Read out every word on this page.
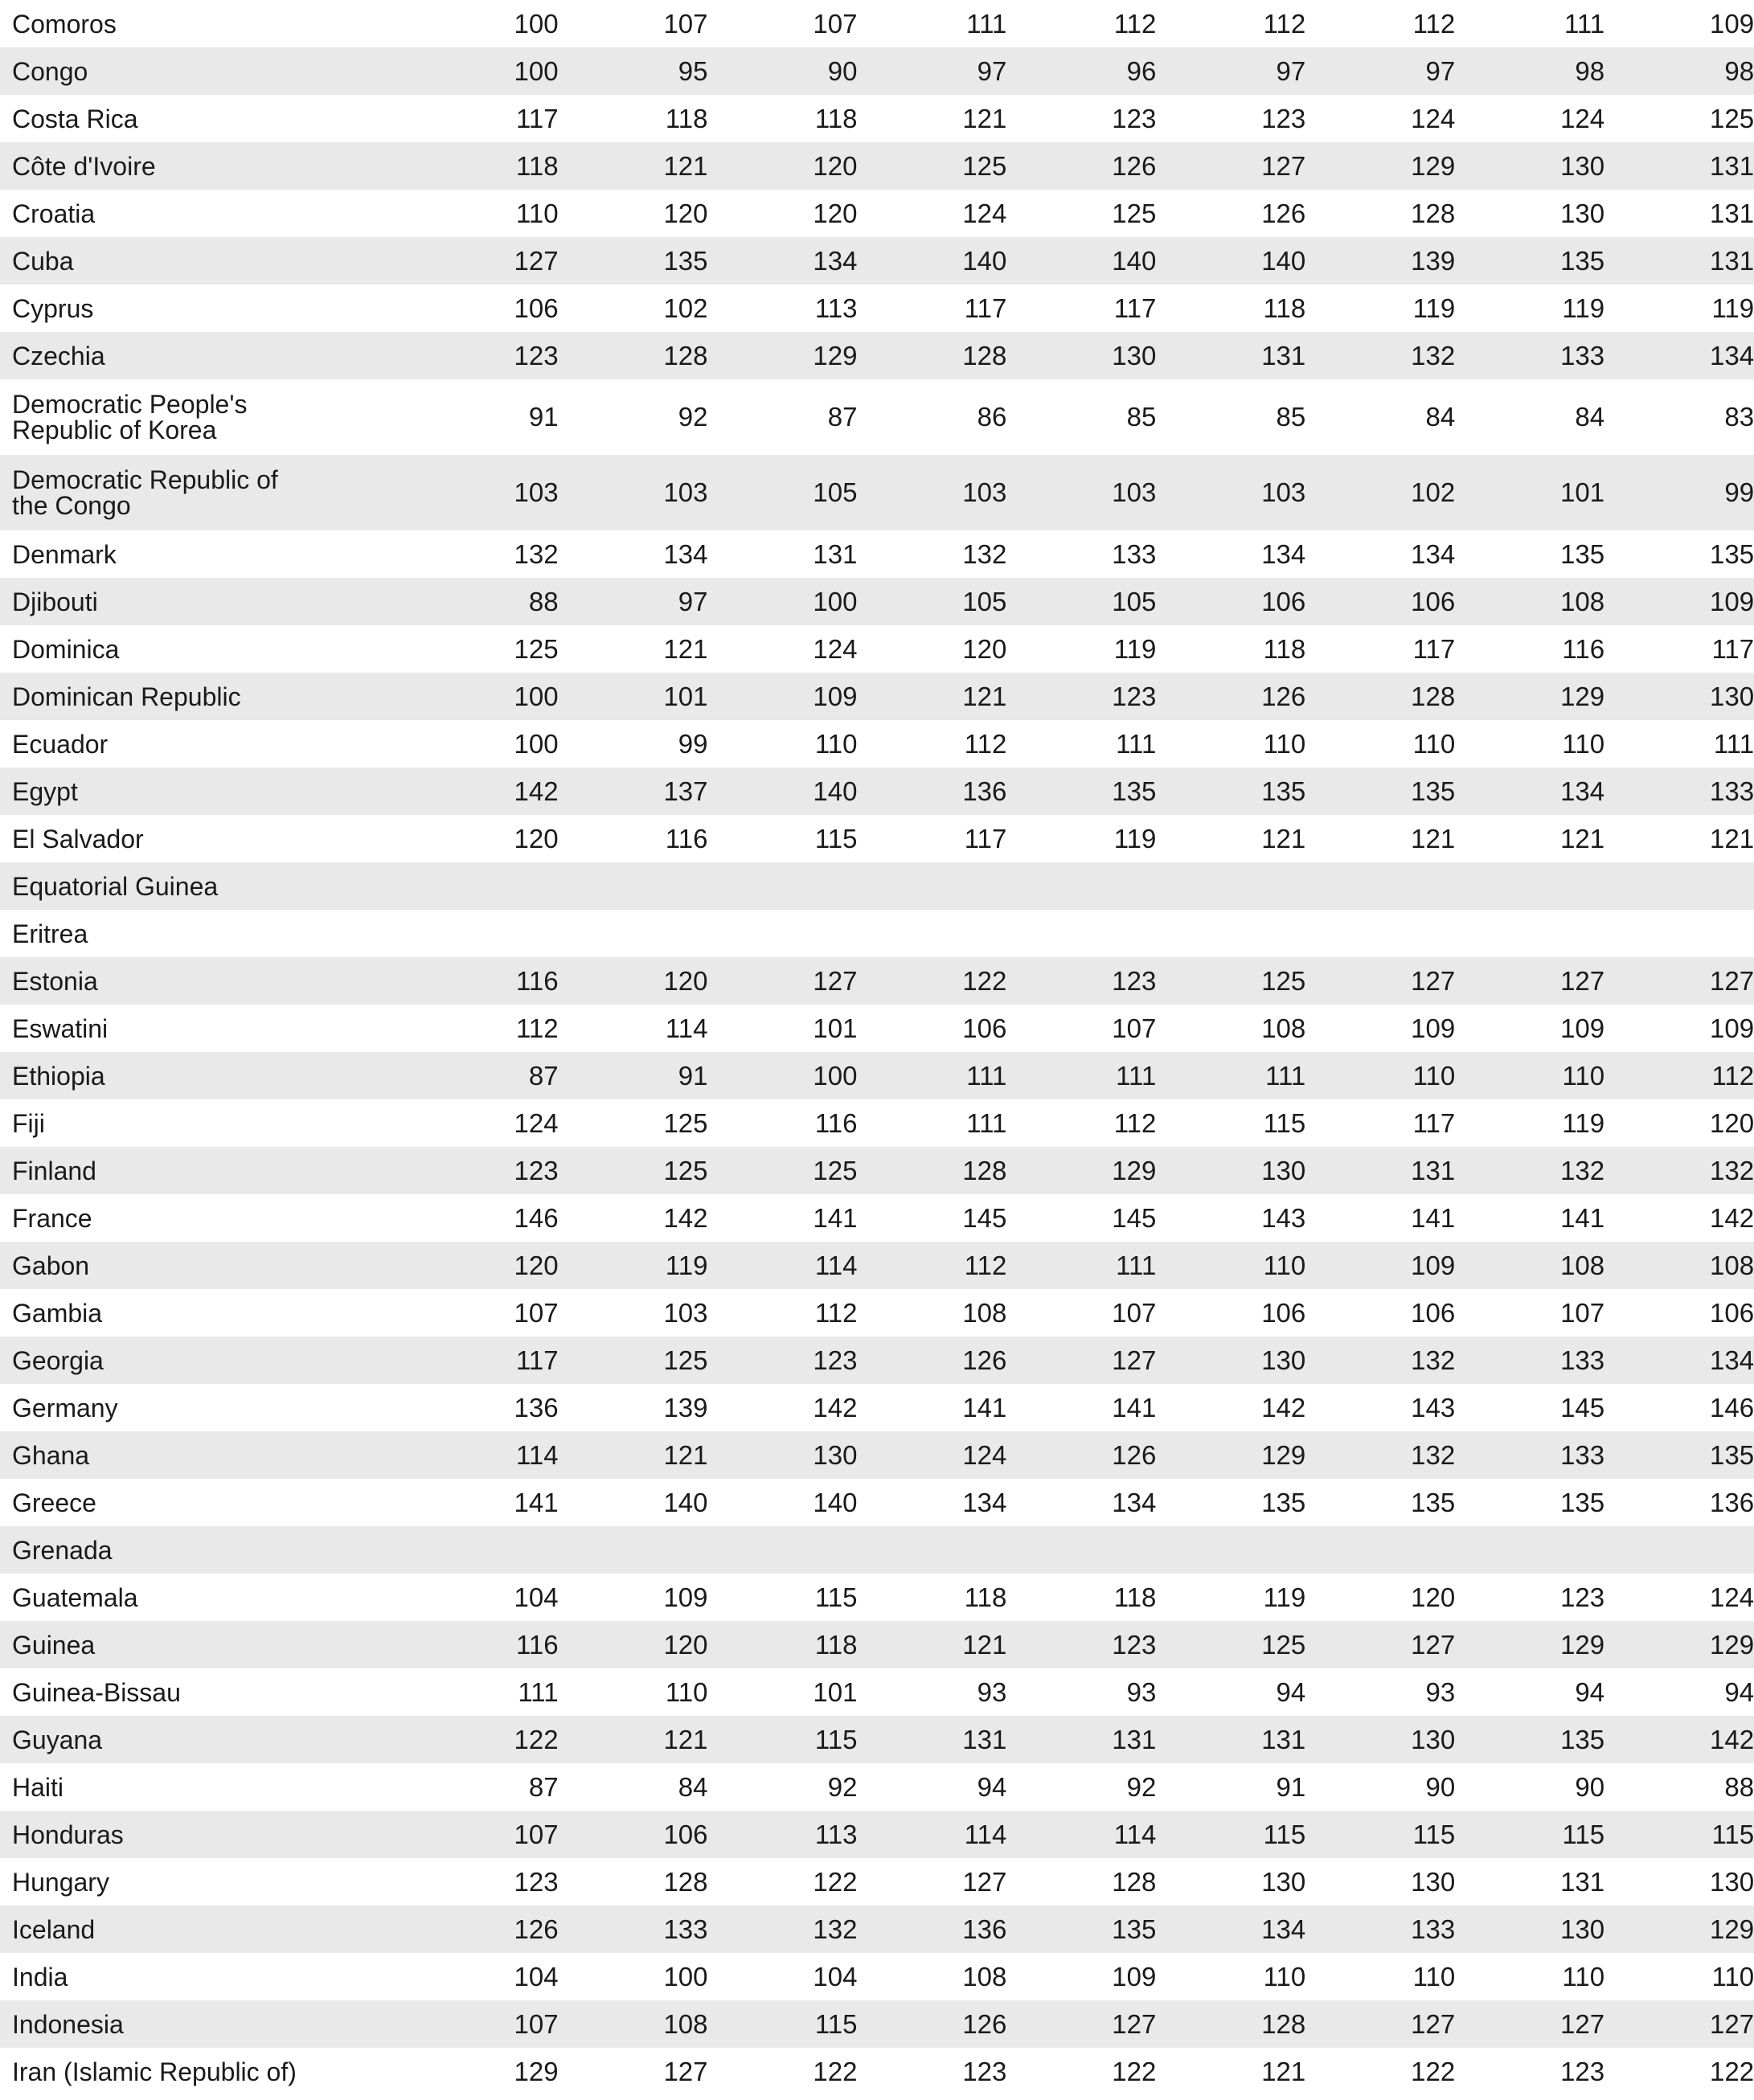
Comoros	100	107	107	111	112	112	112	111	109
Congo	100	95	90	97	96	97	97	98	98
Costa Rica	117	118	118	121	123	123	124	124	125
Côte d'Ivoire	118	121	120	125	126	127	129	130	131
Croatia	110	120	120	124	125	126	128	130	131
Cuba	127	135	134	140	140	140	139	135	131
Cyprus	106	102	113	117	117	118	119	119	119
Czechia	123	128	129	128	130	131	132	133	134
Democratic People's Republic of Korea	91	92	87	86	85	85	84	84	83
Democratic Republic of the Congo	103	103	105	103	103	103	102	101	99
Denmark	132	134	131	132	133	134	134	135	135
Djibouti	88	97	100	105	105	106	106	108	109
Dominica	125	121	124	120	119	118	117	116	117
Dominican Republic	100	101	109	121	123	126	128	129	130
Ecuador	100	99	110	112	111	110	110	110	111
Egypt	142	137	140	136	135	135	135	134	133
El Salvador	120	116	115	117	119	121	121	121	121
Equatorial Guinea
Eritrea
Estonia	116	120	127	122	123	125	127	127	127
Eswatini	112	114	101	106	107	108	109	109	109
Ethiopia	87	91	100	111	111	111	110	110	112
Fiji	124	125	116	111	112	115	117	119	120
Finland	123	125	125	128	129	130	131	132	132
France	146	142	141	145	145	143	141	141	142
Gabon	120	119	114	112	111	110	109	108	108
Gambia	107	103	112	108	107	106	106	107	106
Georgia	117	125	123	126	127	130	132	133	134
Germany	136	139	142	141	141	142	143	145	146
Ghana	114	121	130	124	126	129	132	133	135
Greece	141	140	140	134	134	135	135	135	136
Grenada
Guatemala	104	109	115	118	118	119	120	123	124
Guinea	116	120	118	121	123	125	127	129	129
Guinea-Bissau	111	110	101	93	93	94	93	94	94
Guyana	122	121	115	131	131	131	130	135	142
Haiti	87	84	92	94	92	91	90	90	88
Honduras	107	106	113	114	114	115	115	115	115
Hungary	123	128	122	127	128	130	130	131	130
Iceland	126	133	132	136	135	134	133	130	129
India	104	100	104	108	109	110	110	110	110
Indonesia	107	108	115	126	127	128	127	127	127
Iran (Islamic Republic of)	129	127	122	123	122	121	122	123	122
